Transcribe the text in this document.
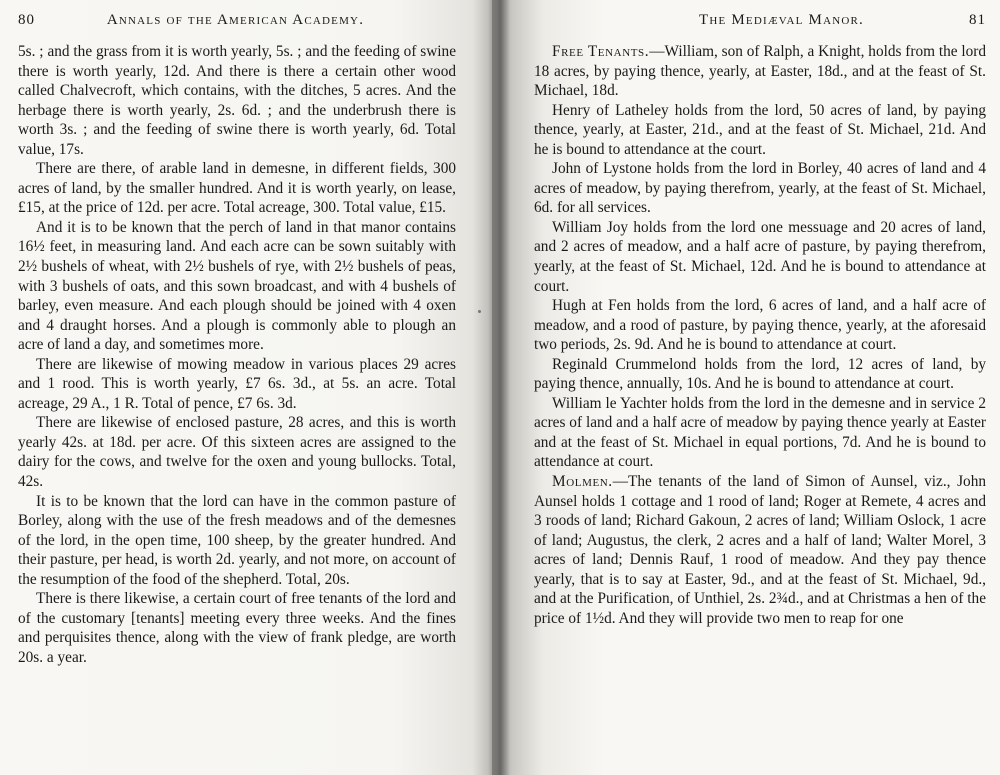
80	Annals of the American Academy.

5s. ; and the grass from it is worth yearly, 5s. ; and the feeding of swine there is worth yearly, 12d. And there is there a certain other wood called Chalvecroft, which contains, with the ditches, 5 acres. And the herbage there is worth yearly, 2s. 6d. ; and the underbrush there is worth 3s. ; and the feeding of swine there is worth yearly, 6d. Total value, 17s.

There are there, of arable land in demesne, in different fields, 300 acres of land, by the smaller hundred. And it is worth yearly, on lease, £15, at the price of 12d. per acre. Total acreage, 300. Total value, £15.

And it is to be known that the perch of land in that manor contains 16½ feet, in measuring land. And each acre can be sown suitably with 2½ bushels of wheat, with 2½ bushels of rye, with 2½ bushels of peas, with 3 bushels of oats, and this sown broadcast, and with 4 bushels of barley, even measure. And each plough should be joined with 4 oxen and 4 draught horses. And a plough is commonly able to plough an acre of land a day, and sometimes more.

There are likewise of mowing meadow in various places 29 acres and 1 rood. This is worth yearly, £7 6s. 3d., at 5s. an acre. Total acreage, 29 A., 1 R. Total of pence, £7 6s. 3d.

There are likewise of enclosed pasture, 28 acres, and this is worth yearly 42s. at 18d. per acre. Of this sixteen acres are assigned to the dairy for the cows, and twelve for the oxen and young bullocks. Total, 42s.

It is to be known that the lord can have in the common pasture of Borley, along with the use of the fresh meadows and of the demesnes of the lord, in the open time, 100 sheep, by the greater hundred. And their pasture, per head, is worth 2d. yearly, and not more, on account of the resumption of the food of the shepherd. Total, 20s.

There is there likewise, a certain court of free tenants of the lord and of the customary [tenants] meeting every three weeks. And the fines and perquisites thence, along with the view of frank pledge, are worth 20s. a year.

The Mediæval Manor.	81

Free Tenants.—William, son of Ralph, a Knight, holds from the lord 18 acres, by paying thence, yearly, at Easter, 18d., and at the feast of St. Michael, 18d.

Henry of Latheley holds from the lord, 50 acres of land, by paying thence, yearly, at Easter, 21d., and at the feast of St. Michael, 21d. And he is bound to attendance at the court.

John of Lystone holds from the lord in Borley, 40 acres of land and 4 acres of meadow, by paying therefrom, yearly, at the feast of St. Michael, 6d. for all services.

William Joy holds from the lord one messuage and 20 acres of land, and 2 acres of meadow, and a half acre of pasture, by paying therefrom, yearly, at the feast of St. Michael, 12d. And he is bound to attendance at court.

Hugh at Fen holds from the lord, 6 acres of land, and a half acre of meadow, and a rood of pasture, by paying thence, yearly, at the aforesaid two periods, 2s. 9d. And he is bound to attendance at court.

Reginald Crummelond holds from the lord, 12 acres of land, by paying thence, annually, 10s. And he is bound to attendance at court.

William le Yachter holds from the lord in the demesne and in service 2 acres of land and a half acre of meadow by paying thence yearly at Easter and at the feast of St. Michael in equal portions, 7d. And he is bound to attendance at court.

Molmen.—The tenants of the land of Simon of Aunsel, viz., John Aunsel holds 1 cottage and 1 rood of land; Roger at Remete, 4 acres and 3 roods of land; Richard Gakoun, 2 acres of land; William Oslock, 1 acre of land; Augustus, the clerk, 2 acres and a half of land; Walter Morel, 3 acres of land; Dennis Rauf, 1 rood of meadow. And they pay thence yearly, that is to say at Easter, 9d., and at the feast of St. Michael, 9d., and at the Purification, of Unthiel, 2s. 2¾d., and at Christmas a hen of the price of 1½d. And they will provide two men to reap for one
